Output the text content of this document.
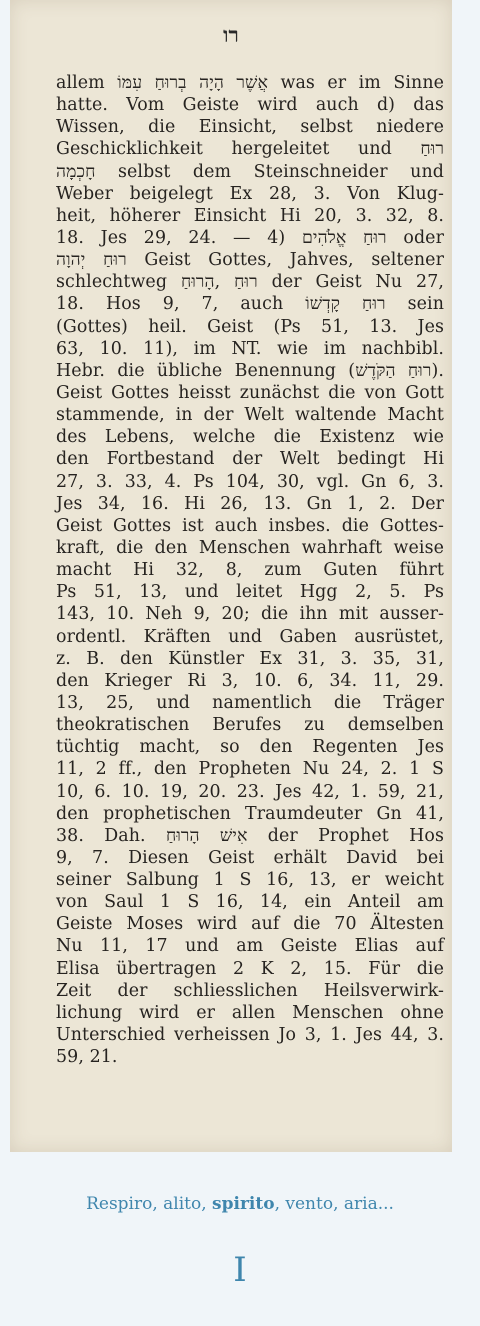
רו
allem אֲשֶׁר הָיָה בְרוּחַ עִמּוֹ was er im Sinne
hatte. Vom Geiste wird auch d) das
Wissen, die Einsicht, selbst niedere
Geschicklichkeit hergeleitet und רוּחַ
חָכְמָה selbst dem Steinschneider und
Weber beigelegt Ex 28, 3. Von Klug-
heit, höherer Einsicht Hi 20, 3. 32, 8.
18. Jes 29, 24. — 4) רוּחַ אֱלֹהִים oder
רוּחַ יְהוָה Geist Gottes, Jahves, seltener
schlechtweg רוּחַ ,הָרוּחַ der Geist Nu 27,
18. Hos 9, 7, auch רוּחַ קָדְשׁוֹ sein
(Gottes) heil. Geist (Ps 51, 13. Jes
63, 10. 11), im NT. wie im nachbibl.
Hebr. die übliche Benennung (רוּחַ הַקֹּדֶשׁ).
Geist Gottes heisst zunächst die von Gott
stammende, in der Welt waltende Macht
des Lebens, welche die Existenz wie
den Fortbestand der Welt bedingt Hi
27, 3. 33, 4. Ps 104, 30, vgl. Gn 6, 3.
Jes 34, 16. Hi 26, 13. Gn 1, 2. Der
Geist Gottes ist auch insbes. die Gottes-
kraft, die den Menschen wahrhaft weise
macht Hi 32, 8, zum Guten führt
Ps 51, 13, und leitet Hgg 2, 5. Ps
143, 10. Neh 9, 20; die ihn mit ausser-
ordentl. Kräften und Gaben ausrüstet,
z. B. den Künstler Ex 31, 3. 35, 31,
den Krieger Ri 3, 10. 6, 34. 11, 29.
13, 25, und namentlich die Träger
theokratischen Berufes zu demselben
tüchtig macht, so den Regenten Jes
11, 2 ff., den Propheten Nu 24, 2. 1 S
10, 6. 10. 19, 20. 23. Jes 42, 1. 59, 21,
den prophetischen Traumdeuter Gn 41,
38. Dah. אִישׁ הָרוּחַ der Prophet Hos
9, 7. Diesen Geist erhält David bei
seiner Salbung 1 S 16, 13, er weicht
von Saul 1 S 16, 14, ein Anteil am
Geiste Moses wird auf die 70 Ältesten
Nu 11, 17 und am Geiste Elias auf
Elisa übertragen 2 K 2, 15. Für die
Zeit der schliesslichen Heilsverwirk-
lichung wird er allen Menschen ohne
Unterschied verheissen Jo 3, 1. Jes 44, 3.
59, 21.

Respiro, alito, spirito, vento, aria...

I
